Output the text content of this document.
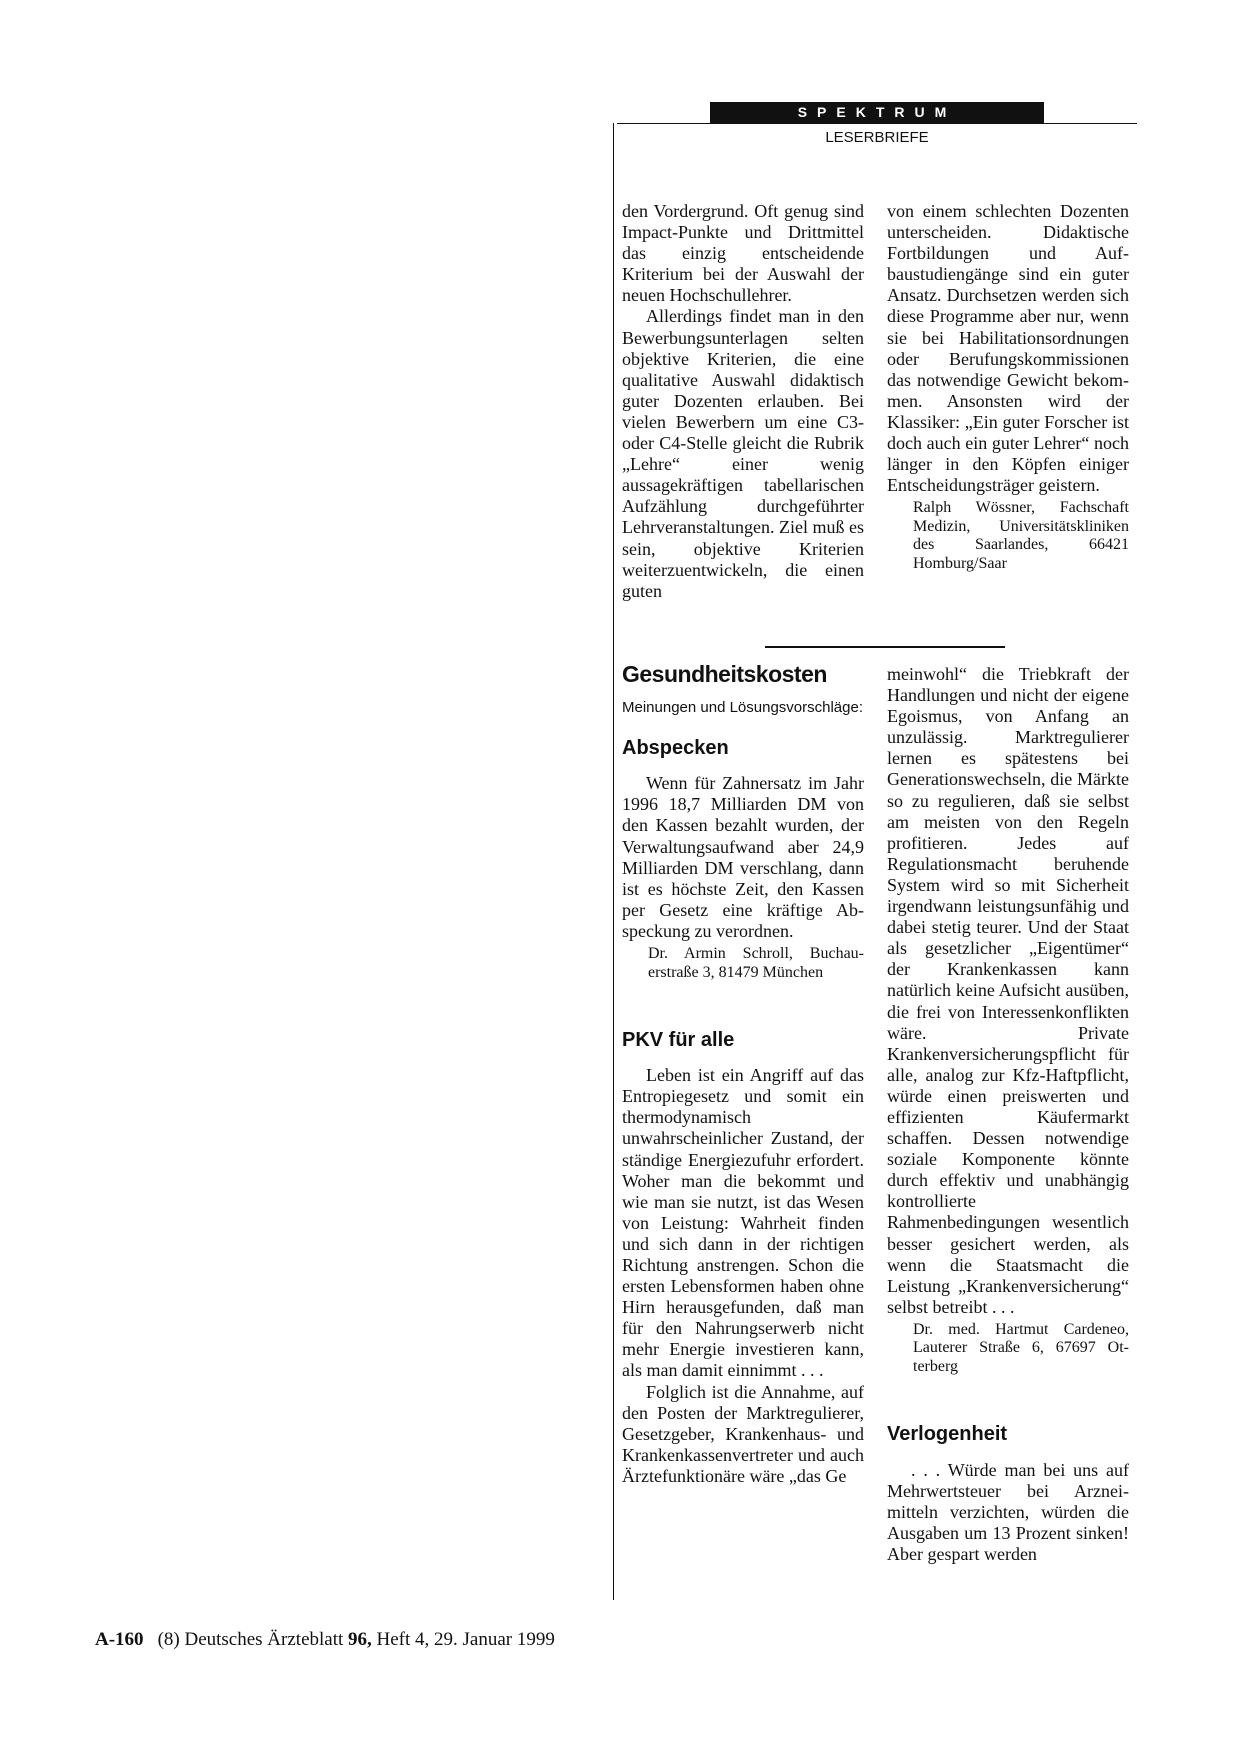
SPEKTRUM
LESERBRIEFE

den Vordergrund. Oft genug sind Impact-Punkte und Drittmittel das einzig entscheidende Kriterium bei der Auswahl der neuen Hochschullehrer.

Allerdings findet man in den Bewerbungsunterlagen selten objektive Kriterien, die eine qualitative Auswahl didaktisch guter Dozenten erlauben. Bei vielen Bewerbern um eine C3- oder C4-Stelle gleicht die Rubrik „Lehre“ einer wenig aussagekräftigen tabellarischen Aufzählung durchgeführter Lehrveranstaltungen. Ziel muß es sein, objektive Kriterien weiterzuentwickeln, die einen guten

von einem schlechten Dozenten unterscheiden. Didaktische Fortbildungen und Aufbaustudiengänge sind ein guter Ansatz. Durchsetzen werden sich diese Programme aber nur, wenn sie bei Habilitationsordnungen oder Berufungskommissionen das notwendige Gewicht bekommen. Ansonsten wird der Klassiker: „Ein guter Forscher ist doch auch ein guter Lehrer“ noch länger in den Köpfen einiger Entscheidungsträger geistern.

Ralph Wössner, Fachschaft Medizin, Universitätskliniken des Saarlandes, 66421 Homburg/Saar

Gesundheitskosten

Meinungen und Lösungsvorschläge:

Abspecken

Wenn für Zahnersatz im Jahr 1996 18,7 Milliarden DM von den Kassen bezahlt wurden, der Verwaltungsaufwand aber 24,9 Milliarden DM verschlang, dann ist es höchste Zeit, den Kassen per Gesetz eine kräftige Abspeckung zu verordnen.

Dr. Armin Schroll, Buchauerstraße 3, 81479 München

PKV für alle

Leben ist ein Angriff auf das Entropiegesetz und somit ein thermodynamisch unwahrscheinlicher Zustand, der ständige Energiezufuhr erfordert. Woher man die bekommt und wie man sie nutzt, ist das Wesen von Leistung: Wahrheit finden und sich dann in der richtigen Richtung anstrengen. Schon die ersten Lebensformen haben ohne Hirn herausgefunden, daß man für den Nahrungserwerb nicht mehr Energie investieren kann, als man damit einnimmt . . .

Folglich ist die Annahme, auf den Posten der Marktregulierer, Gesetzgeber, Krankenhaus- und Krankenkassenvertreter und auch Ärztefunktionäre wäre „das Ge

meinwohl“ die Triebkraft der Handlungen und nicht der eigene Egoismus, von Anfang an unzulässig. Marktregulierer lernen es spätestens bei Generationswechseln, die Märkte so zu regulieren, daß sie selbst am meisten von den Regeln profitieren. Jedes auf Regulationsmacht beruhende System wird so mit Sicherheit irgendwann leistungsunfähig und dabei stetig teurer. Und der Staat als gesetzlicher „Eigentümer“ der Krankenkassen kann natürlich keine Aufsicht ausüben, die frei von Interessenkonflikten wäre. Private Krankenversicherungspflicht für alle, analog zur Kfz-Haftpflicht, würde einen preiswerten und effizienten Käufermarkt schaffen. Dessen notwendige soziale Komponente könnte durch effektiv und unabhängig kontrollierte Rahmenbedingungen wesentlich besser gesichert werden, als wenn die Staatsmacht die Leistung „Krankenversicherung“ selbst betreibt . . .

Dr. med. Hartmut Cardeneo, Lauterer Straße 6, 67697 Otterberg

Verlogenheit

. . . Würde man bei uns auf Mehrwertsteuer bei Arzneimitteln verzichten, würden die Ausgaben um 13 Prozent sinken! Aber gespart werden

A-160 (8) Deutsches Ärzteblatt 96, Heft 4, 29. Januar 1999
